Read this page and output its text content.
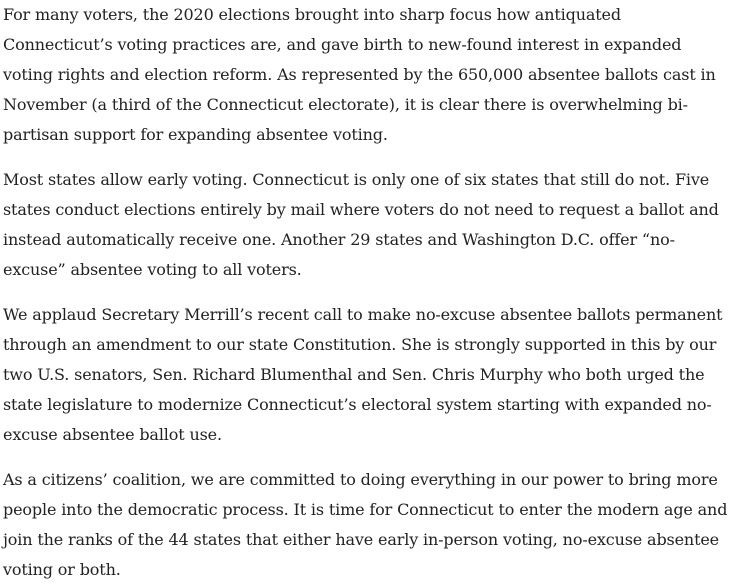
For many voters, the 2020 elections brought into sharp focus how antiquated Connecticut’s voting practices are, and gave birth to new-found interest in expanded voting rights and election reform. As represented by the 650,000 absentee ballots cast in November (a third of the Connecticut electorate), it is clear there is overwhelming bi-partisan support for expanding absentee voting.

Most states allow early voting. Connecticut is only one of six states that still do not. Five states conduct elections entirely by mail where voters do not need to request a ballot and instead automatically receive one. Another 29 states and Washington D.C. offer “no-excuse” absentee voting to all voters.

We applaud Secretary Merrill’s recent call to make no-excuse absentee ballots permanent through an amendment to our state Constitution. She is strongly supported in this by our two U.S. senators, Sen. Richard Blumenthal and Sen. Chris Murphy who both urged the state legislature to modernize Connecticut’s electoral system starting with expanded no-excuse absentee ballot use.

As a citizens’ coalition, we are committed to doing everything in our power to bring more people into the democratic process. It is time for Connecticut to enter the modern age and join the ranks of the 44 states that either have early in-person voting, no-excuse absentee voting or both.
